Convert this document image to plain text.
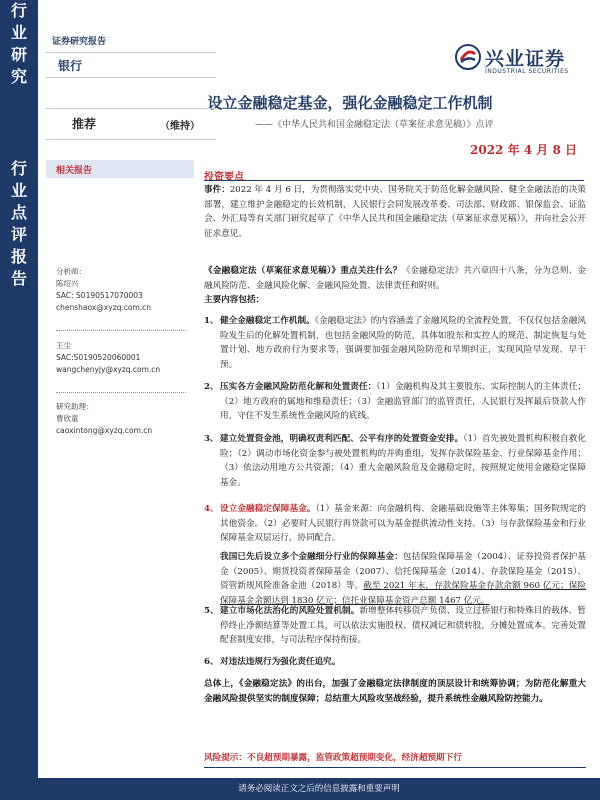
行
业
研
究
行
业
点
评
报
告
证券研究报告
银行	兴业证券
INDUSTRIAL SECURITIES
设立金融稳定基金，强化金融稳定工作机制
——《中华人民共和国金融稳定法（草案征求意见稿）》点评
推荐	（维持）
2022 年 4 月 8 日
相关报告
分析师：
陈绍兴
SAC: S0190517070003
chenshaox@xyzq.com.cn
王尘
SAC:S0190520060001
wangchenyjy@xyzq.com.cn
研究助理：
曹欣童
caoxintong@xyzq.com.cn
投资要点
事件：2022 年 4 月 6 日，为贯彻落实党中央、国务院关于防范化解金融风险、健全金融法治的决策部署，建立维护金融稳定的长效机制，人民银行会同发展改革委、司法部、财政部、银保监会、证监会、外汇局等有关部门研究起草了《中华人民共和国金融稳定法（草案征求意见稿）》，并向社会公开征求意见。
《金融稳定法（草案征求意见稿）》重点关注什么？《金融稳定法》共六章四十八条，分为总则、金融风险防范、金融风险化解、金融风险处置、法律责任和附则。
主要内容包括：
1、 健全金融稳定工作机制。《金融稳定法》的内容涵盖了金融风险的全流程处置，不仅仅包括金融风险发生后的化解处置机制，也包括金融风险的防范，具体如股东和实控人的规范、制定恢复与处置计划、地方政府行为要求等，强调要加强金融风险防范和早期纠正，实现风险早发现、早干预。
2、 压实各方金融风险防范化解和处置责任：（1）金融机构及其主要股东、实际控制人的主体责任；（2）地方政府的属地和维稳责任；（3）金融监管部门的监管责任，人民银行发挥最后贷款人作用，守住不发生系统性金融风险的底线。
3、 建立处置资金池，明确权责利匹配、公平有序的处置资金安排。（1）首先被处置机构积极自救化险；（2）调动市场化资金参与被处置机构的并购重组，发挥存款保险基金、行业保障基金作用；（3）依法动用地方公共资源；（4）重大金融风险危及金融稳定时，按照规定使用金融稳定保障基金。
4、 设立金融稳定保障基金。（1）基金来源：向金融机构、金融基础设施等主体筹集；国务院规定的其他资金。（2）必要时人民银行再贷款可以为基金提供流动性支持。（3）与存款保险基金和行业保障基金双层运行，协同配合。
我国已先后设立多个金融细分行业的保障基金：包括保险保障基金（2004）、证券投资者保护基金（2005）、期货投资者保障基金（2007）、信托保障基金（2014）、存款保险基金（2015）、资管新规风险准备金池（2018）等。截至 2021 年末，存款保险基金存款余额 960 亿元；保险保障基金余额达到 1830 亿元；信托业保障基金资产总额 1467 亿元。
5、 建立市场化法治化的风险处置机制。新增整体转移资产负债、设立过桥银行和特殊目的载体、暂停终止净额结算等处置工具，可以依法实施股权、债权减记和债转股，分摊处置成本。完善处置配套制度安排，与司法程序保持衔接。
6、 对违法违规行为强化责任追究。
总体上，《金融稳定法》的出台，加强了金融稳定法律制度的顶层设计和统筹协调；为防范化解重大金融风险提供坚实的制度保障；总结重大风险攻坚战经验，提升系统性金融风险防控能力。
风险提示：不良超预期暴露，监管政策超预期变化，经济超预期下行
请务必阅读正文之后的信息披露和重要声明
